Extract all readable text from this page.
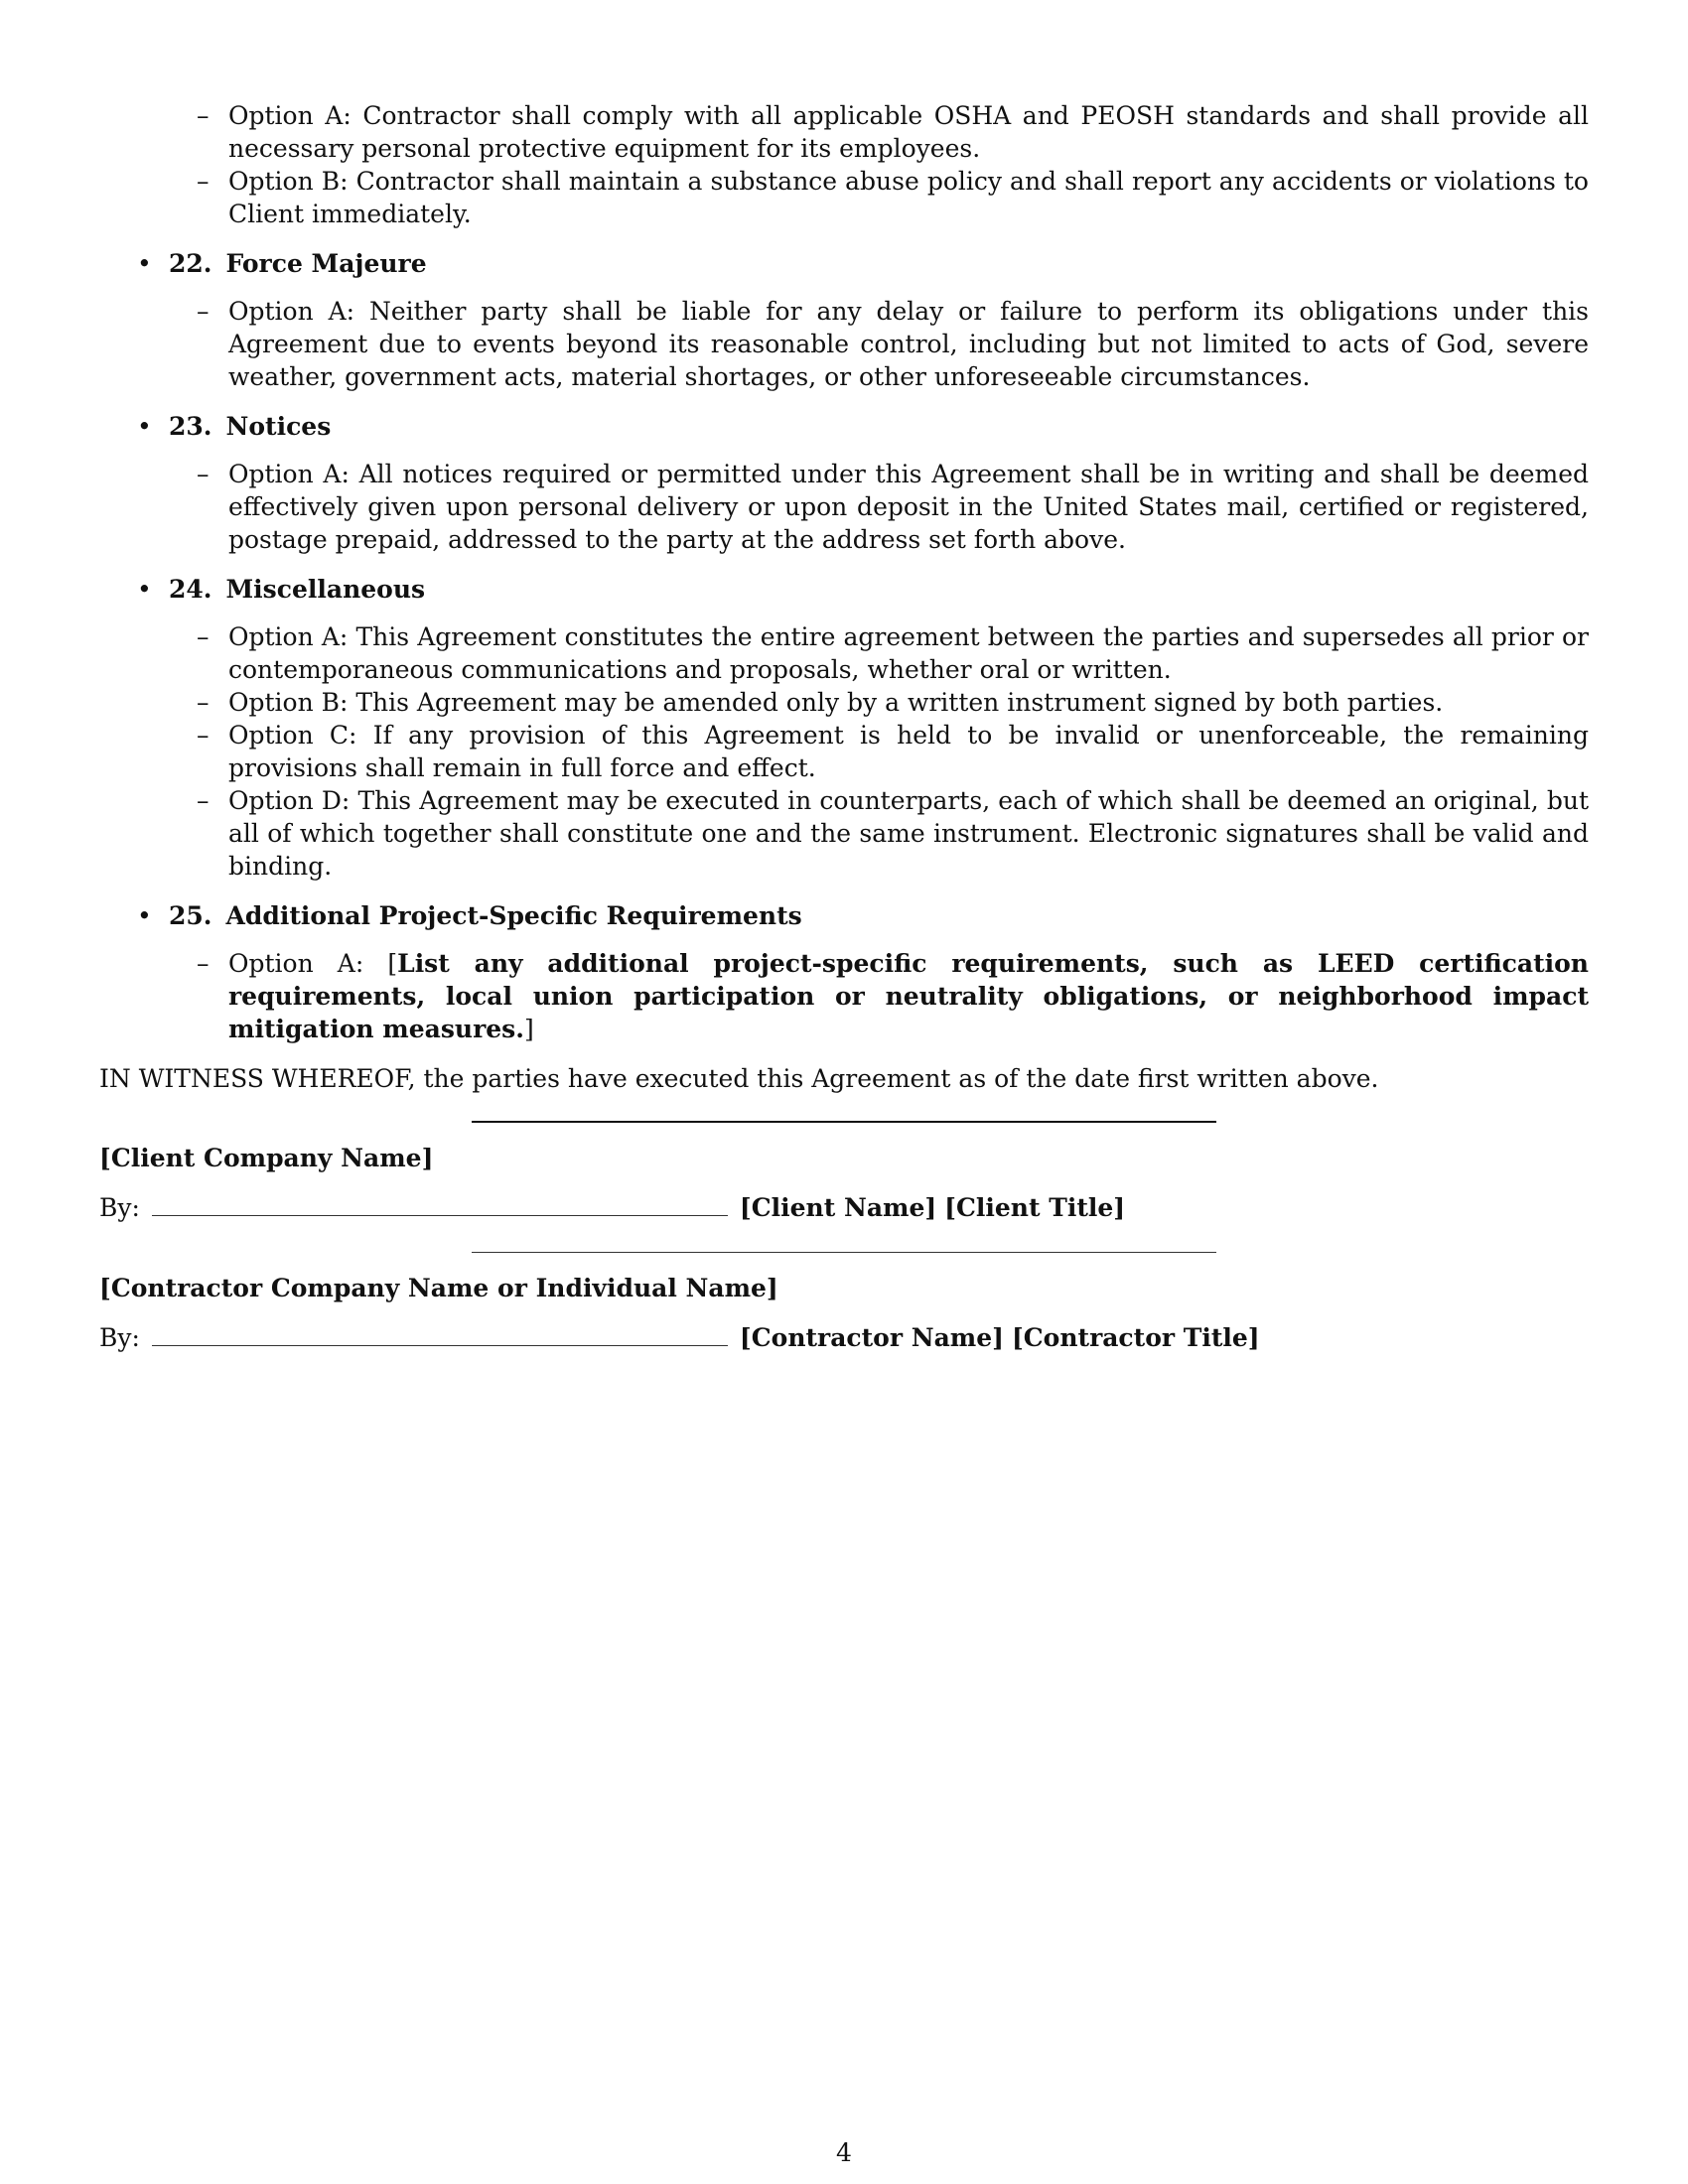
– Option A: Contractor shall comply with all applicable OSHA and PEOSH standards and shall provide all necessary personal protective equipment for its employees.
– Option B: Contractor shall maintain a substance abuse policy and shall report any accidents or violations to Client immediately.
• 22. Force Majeure
– Option A: Neither party shall be liable for any delay or failure to perform its obligations under this Agreement due to events beyond its reasonable control, including but not limited to acts of God, severe weather, government acts, material shortages, or other unforeseeable circumstances.
• 23. Notices
– Option A: All notices required or permitted under this Agreement shall be in writing and shall be deemed effectively given upon personal delivery or upon deposit in the United States mail, certified or registered, postage prepaid, addressed to the party at the address set forth above.
• 24. Miscellaneous
– Option A: This Agreement constitutes the entire agreement between the parties and supersedes all prior or contemporaneous communications and proposals, whether oral or written.
– Option B: This Agreement may be amended only by a written instrument signed by both parties.
– Option C: If any provision of this Agreement is held to be invalid or unenforceable, the remaining provisions shall remain in full force and effect.
– Option D: This Agreement may be executed in counterparts, each of which shall be deemed an original, but all of which together shall constitute one and the same instrument. Electronic signatures shall be valid and binding.
• 25. Additional Project-Specific Requirements
– Option A: [List any additional project-specific requirements, such as LEED certification requirements, local union participation or neutrality obligations, or neighborhood impact mitigation measures.]
IN WITNESS WHEREOF, the parties have executed this Agreement as of the date first written above.
[Client Company Name]
By:	[Client Name]
[Client Title]
[Contractor Company Name or Individual Name]
By:	[Contractor Name]
[Contractor Title]
4
